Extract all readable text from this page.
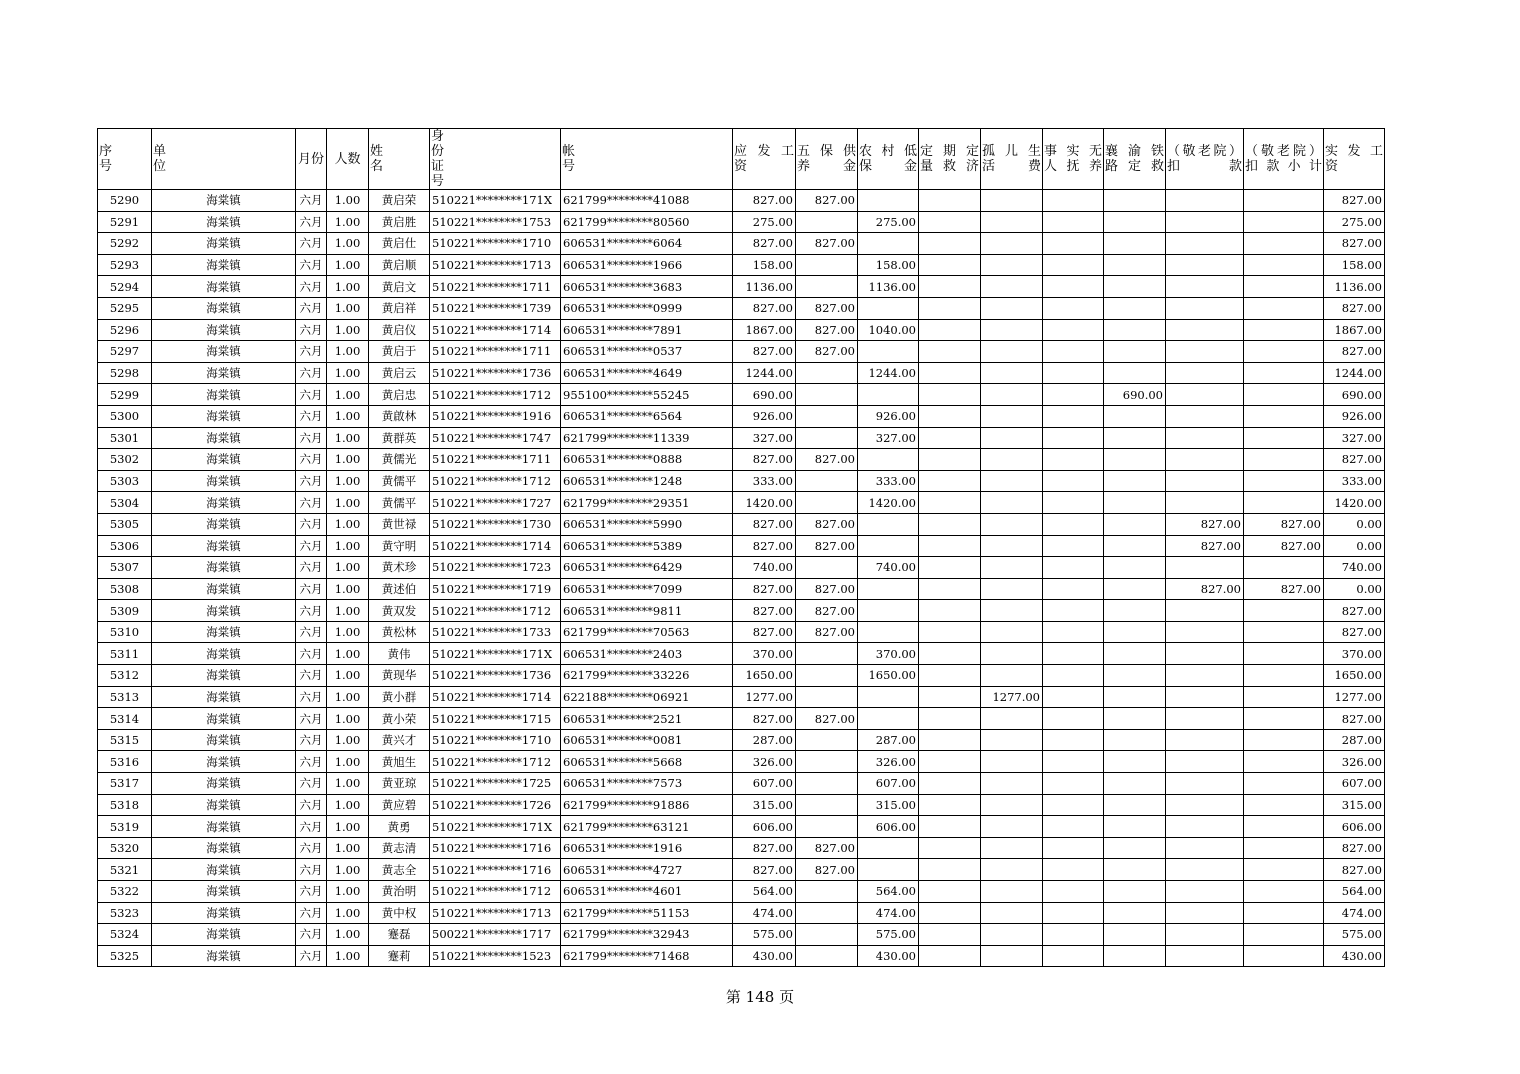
序
号	单
位	月份	人数	姓
名	身
份
证
号	帐
号	应发工
资	五保供
养金	农村低
保金	定期定
量救济	孤儿生
活费	事实无
人抚养	襄渝铁
路定救	（敬老院）
扣款	（敬老院）
扣款小计	实发工
资

5290	海棠镇	六月	1.00	黄启荣	510221********171X	621799********41088	827.00	827.00								827.00
5291	海棠镇	六月	1.00	黄启胜	510221********1753	621799********80560	275.00		275.00							275.00
5292	海棠镇	六月	1.00	黄启仕	510221********1710	606531********6064	827.00	827.00								827.00
5293	海棠镇	六月	1.00	黄启顺	510221********1713	606531********1966	158.00		158.00							158.00
5294	海棠镇	六月	1.00	黄启文	510221********1711	606531********3683	1136.00		1136.00							1136.00
5295	海棠镇	六月	1.00	黄启祥	510221********1739	606531********0999	827.00	827.00								827.00
5296	海棠镇	六月	1.00	黄启仪	510221********1714	606531********7891	1867.00	827.00	1040.00							1867.00
5297	海棠镇	六月	1.00	黄启于	510221********1711	606531********0537	827.00	827.00								827.00
5298	海棠镇	六月	1.00	黄启云	510221********1736	606531********4649	1244.00		1244.00							1244.00
5299	海棠镇	六月	1.00	黄启忠	510221********1712	955100********55245	690.00						690.00			690.00
5300	海棠镇	六月	1.00	黄啟林	510221********1916	606531********6564	926.00		926.00							926.00
5301	海棠镇	六月	1.00	黄群英	510221********1747	621799********11339	327.00		327.00							327.00
5302	海棠镇	六月	1.00	黄儒光	510221********1711	606531********0888	827.00	827.00								827.00
5303	海棠镇	六月	1.00	黄儒平	510221********1712	606531********1248	333.00		333.00							333.00
5304	海棠镇	六月	1.00	黄儒平	510221********1727	621799********29351	1420.00		1420.00							1420.00
5305	海棠镇	六月	1.00	黄世禄	510221********1730	606531********5990	827.00	827.00						827.00	827.00	0.00
5306	海棠镇	六月	1.00	黄守明	510221********1714	606531********5389	827.00	827.00						827.00	827.00	0.00
5307	海棠镇	六月	1.00	黄术珍	510221********1723	606531********6429	740.00		740.00							740.00
5308	海棠镇	六月	1.00	黄述伯	510221********1719	606531********7099	827.00	827.00						827.00	827.00	0.00
5309	海棠镇	六月	1.00	黄双发	510221********1712	606531********9811	827.00	827.00								827.00
5310	海棠镇	六月	1.00	黄松林	510221********1733	621799********70563	827.00	827.00								827.00
5311	海棠镇	六月	1.00	黄伟	510221********171X	606531********2403	370.00		370.00							370.00
5312	海棠镇	六月	1.00	黄现华	510221********1736	621799********33226	1650.00		1650.00							1650.00
5313	海棠镇	六月	1.00	黄小群	510221********1714	622188********06921	1277.00				1277.00					1277.00
5314	海棠镇	六月	1.00	黄小荣	510221********1715	606531********2521	827.00	827.00								827.00
5315	海棠镇	六月	1.00	黄兴才	510221********1710	606531********0081	287.00		287.00							287.00
5316	海棠镇	六月	1.00	黄旭生	510221********1712	606531********5668	326.00		326.00							326.00
5317	海棠镇	六月	1.00	黄亚琼	510221********1725	606531********7573	607.00		607.00							607.00
5318	海棠镇	六月	1.00	黄应碧	510221********1726	621799********91886	315.00		315.00							315.00
5319	海棠镇	六月	1.00	黄勇	510221********171X	621799********63121	606.00		606.00							606.00
5320	海棠镇	六月	1.00	黄志清	510221********1716	606531********1916	827.00	827.00								827.00
5321	海棠镇	六月	1.00	黄志全	510221********1716	606531********4727	827.00	827.00								827.00
5322	海棠镇	六月	1.00	黄治明	510221********1712	606531********4601	564.00		564.00							564.00
5323	海棠镇	六月	1.00	黄中权	510221********1713	621799********51153	474.00		474.00							474.00
5324	海棠镇	六月	1.00	蹇磊	500221********1717	621799********32943	575.00		575.00							575.00
5325	海棠镇	六月	1.00	蹇莉	510221********1523	621799********71468	430.00		430.00							430.00
第 148 页
